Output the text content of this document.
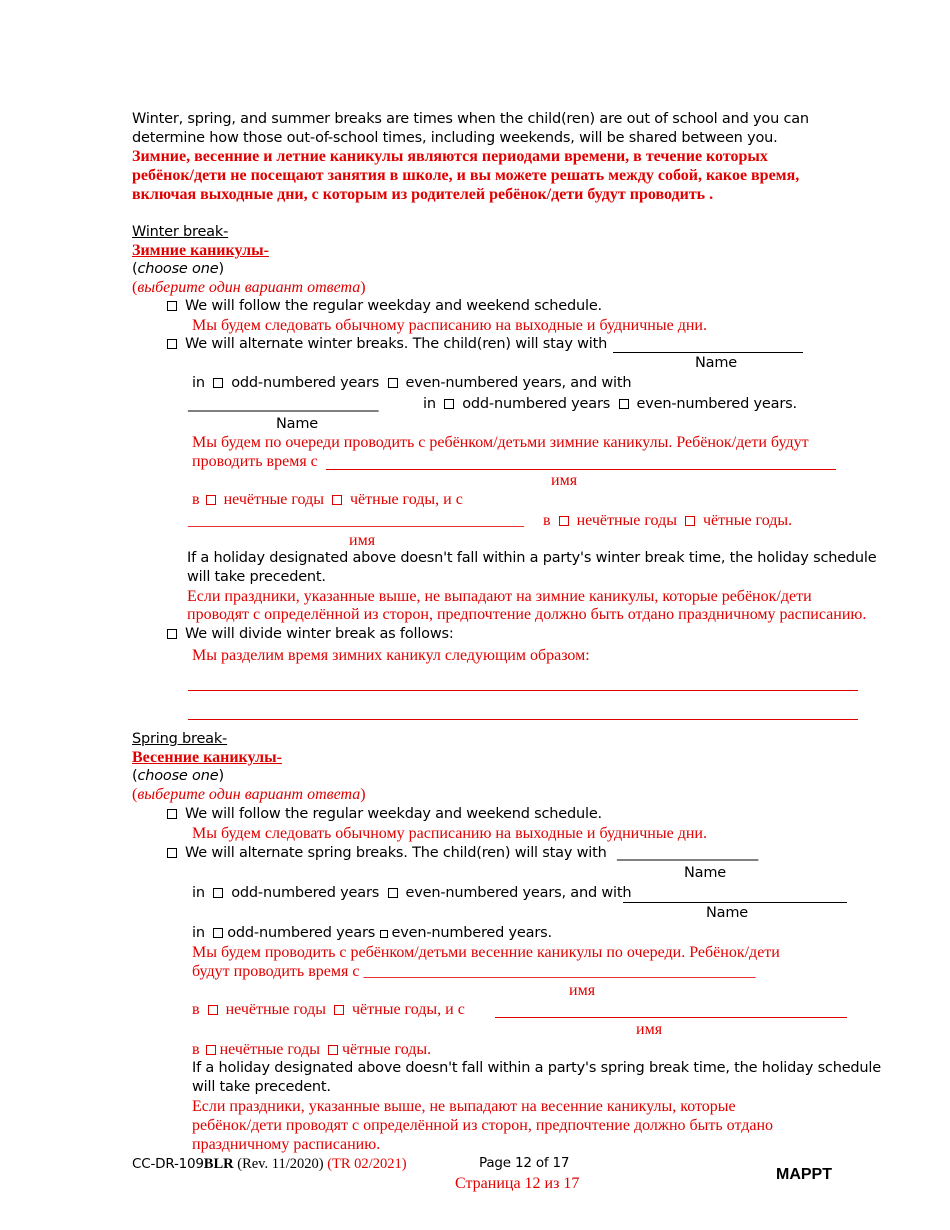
Winter, spring, and summer breaks are times when the child(ren) are out of school and you can
determine how those out-of-school times, including weekends, will be shared between you.
Зимние, весенние и летние каникулы являются периодами времени, в течение которых
ребёнок/дети не посещают занятия в школе, и вы можете решать между собой, какое время,
включая выходные дни, с которым из родителей ребёнок/дети будут проводить .
Winter break-
Зимние каникулы-
(choose one)
(выберите один вариант ответа)
We will follow the regular weekday and weekend schedule.
Мы будем следовать обычному расписанию на выходные и будничные дни.
We will alternate winter breaks. The child(ren) will stay with
Name
in odd-numbered years even-numbered years, and with
___________________________	in odd-numbered years even-numbered years.
Name
Мы будем по очереди проводить с ребёнком/детьми зимние каникулы. Ребёнок/дети будут
проводить время с
имя
в нечётные годы чётные годы, и с
__________________________________________ в нечётные годы чётные годы.
имя
If a holiday designated above doesn't fall within a party's winter break time, the holiday schedule
will take precedent.
Если праздники, указанные выше, не выпадают на зимние каникулы, которые ребёнок/дети
проводят с определённой из сторон, предпочтение должно быть отдано праздничному расписанию.
We will divide winter break as follows:
Мы разделим время зимних каникул следующим образом:
Spring break-
Весенние каникулы-
(choose one)
(выберите один вариант ответа)
We will follow the regular weekday and weekend schedule.
Мы будем следовать обычному расписанию на выходные и будничные дни.
We will alternate spring breaks. The child(ren) will stay with ____________________
Name
in odd-numbered years even-numbered years, and with
Name
in odd-numbered years even-numbered years.
Мы будем проводить с ребёнком/детьми весенние каникулы по очереди. Ребёнок/дети
будут проводить время с _________________________________________________
имя
в нечётные годы чётные годы, и с
имя
в нечётные годы чётные годы.
If a holiday designated above doesn't fall within a party's spring break time, the holiday schedule
will take precedent.
Если праздники, указанные выше, не выпадают на весенние каникулы, которые
ребёнок/дети проводят с определённой из сторон, предпочтение должно быть отдано
праздничному расписанию.
CC-DR-109BLR (Rev. 11/2020) (TR 02/2021)	Page 12 of 17
Страница 12 из 17
MAPPT
